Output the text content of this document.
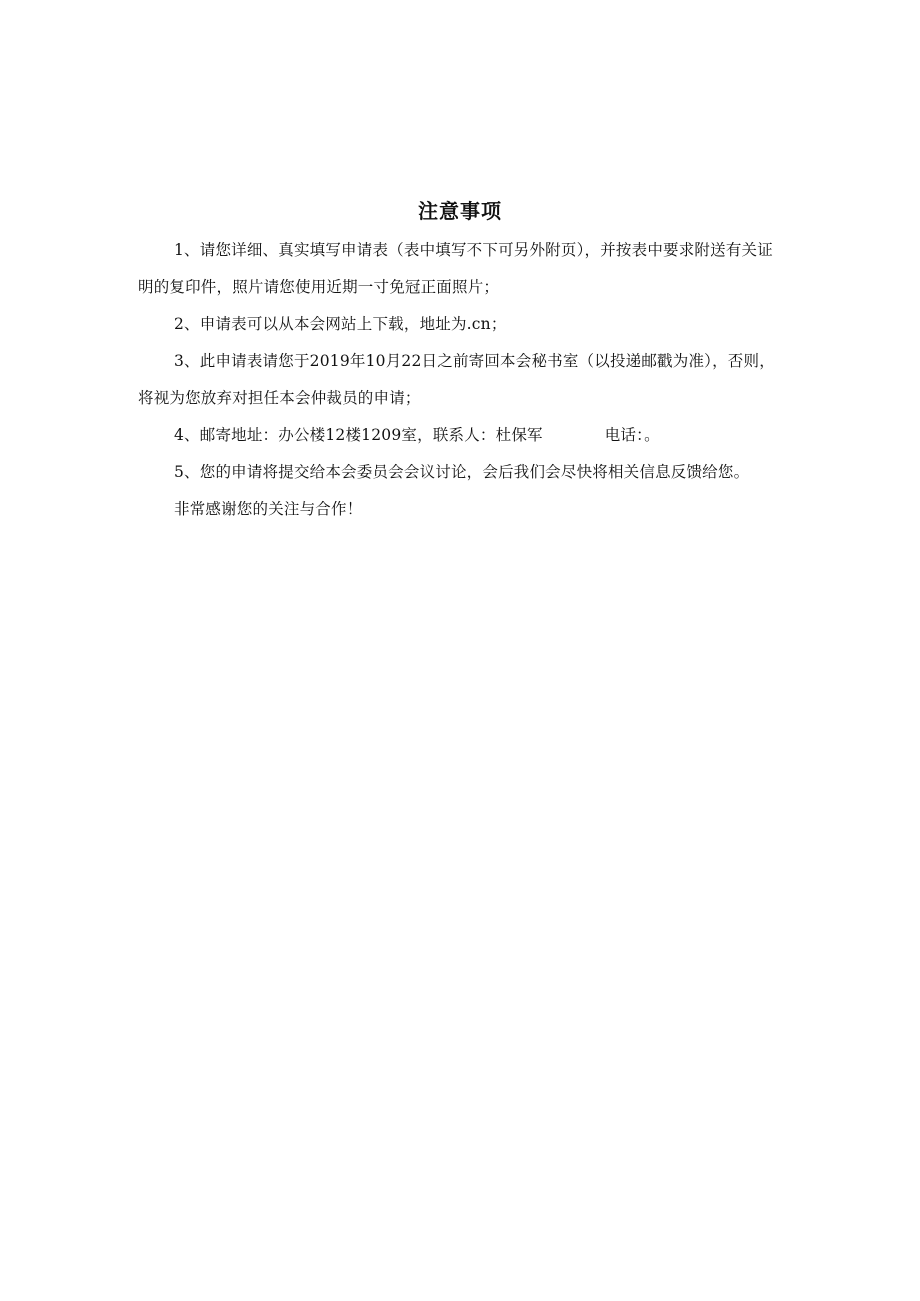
注意事项

1、请您详细、真实填写申请表（表中填写不下可另外附页），并按表中要求附送有关证明的复印件，照片请您使用近期一寸免冠正面照片；

2、申请表可以从本会网站上下载，地址为.cn；

3、此申请表请您于2019年10月22日之前寄回本会秘书室（以投递邮戳为准），否则，将视为您放弃对担任本会仲裁员的申请；

4、邮寄地址：办公楼12楼1209室，联系人：杜保军	电话：。

5、您的申请将提交给本会委员会会议讨论，会后我们会尽快将相关信息反馈给您。

非常感谢您的关注与合作！
